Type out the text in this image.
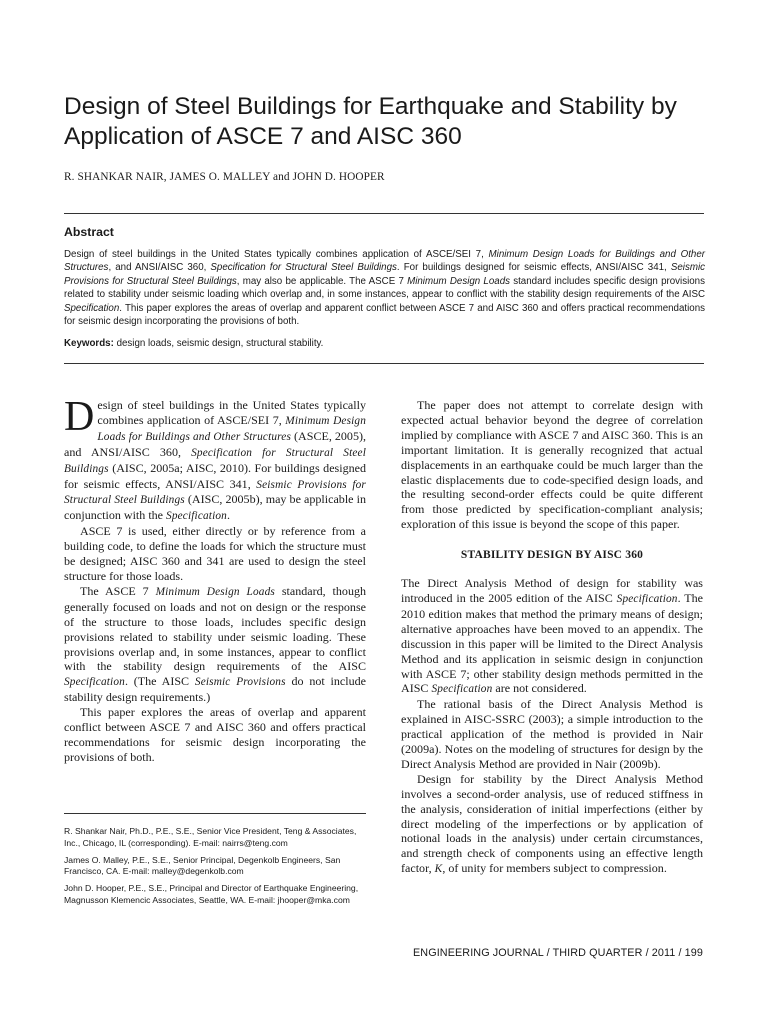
Design of Steel Buildings for Earthquake and Stability by Application of ASCE 7 and AISC 360
R. SHANKAR NAIR, JAMES O. MALLEY and JOHN D. HOOPER
Abstract

Design of steel buildings in the United States typically combines application of ASCE/SEI 7, Minimum Design Loads for Buildings and Other Structures, and ANSI/AISC 360, Specification for Structural Steel Buildings. For buildings designed for seismic effects, ANSI/AISC 341, Seismic Provisions for Structural Steel Buildings, may also be applicable. The ASCE 7 Minimum Design Loads standard includes specific design provisions related to stability under seismic loading which overlap and, in some instances, appear to conflict with the stability design requirements of the AISC Specification. This paper explores the areas of overlap and apparent conflict between ASCE 7 and AISC 360 and offers practical recommendations for seismic design incorporating the provisions of both.

Keywords: design loads, seismic design, structural stability.

Design of steel buildings in the United States typically combines application of ASCE/SEI 7, Minimum Design Loads for Buildings and Other Structures (ASCE, 2005), and ANSI/AISC 360, Specification for Structural Steel Buildings (AISC, 2005a; AISC, 2010). For buildings designed for seismic effects, ANSI/AISC 341, Seismic Provisions for Structural Steel Buildings (AISC, 2005b), may be applicable in conjunction with the Specification.

ASCE 7 is used, either directly or by reference from a building code, to define the loads for which the structure must be designed; AISC 360 and 341 are used to design the steel structure for those loads.

The ASCE 7 Minimum Design Loads standard, though generally focused on loads and not on design or the response of the structure to those loads, includes specific design provisions related to stability under seismic loading. These provisions overlap and, in some instances, appear to conflict with the stability design requirements of the AISC Specification. (The AISC Seismic Provisions do not include stability design requirements.)

This paper explores the areas of overlap and apparent conflict between ASCE 7 and AISC 360 and offers practical recommendations for seismic design incorporating the provisions of both.

The paper does not attempt to correlate design with expected actual behavior beyond the degree of correlation implied by compliance with ASCE 7 and AISC 360. This is an important limitation. It is generally recognized that actual displacements in an earthquake could be much larger than the elastic displacements due to code-specified design loads, and the resulting second-order effects could be quite different from those predicted by specification-compliant analysis; exploration of this issue is beyond the scope of this paper.

STABILITY DESIGN BY AISC 360

The Direct Analysis Method of design for stability was introduced in the 2005 edition of the AISC Specification. The 2010 edition makes that method the primary means of design; alternative approaches have been moved to an appendix. The discussion in this paper will be limited to the Direct Analysis Method and its application in seismic design in conjunction with ASCE 7; other stability design methods permitted in the AISC Specification are not considered.

The rational basis of the Direct Analysis Method is explained in AISC-SSRC (2003); a simple introduction to the practical application of the method is provided in Nair (2009a). Notes on the modeling of structures for design by the Direct Analysis Method are provided in Nair (2009b).

Design for stability by the Direct Analysis Method involves a second-order analysis, use of reduced stiffness in the analysis, consideration of initial imperfections (either by direct modeling of the imperfections or by application of notional loads in the analysis) under certain circumstances, and strength check of components using an effective length factor, K, of unity for members subject to compression.

R. Shankar Nair, Ph.D., P.E., S.E., Senior Vice President, Teng & Associates, Inc., Chicago, IL (corresponding). E-mail: nairrs@teng.com

James O. Malley, P.E., S.E., Senior Principal, Degenkolb Engineers, San Francisco, CA. E-mail: malley@degenkolb.com

John D. Hooper, P.E., S.E., Principal and Director of Earthquake Engineering, Magnusson Klemencic Associates, Seattle, WA. E-mail: jhooper@mka.com

ENGINEERING JOURNAL / THIRD QUARTER / 2011 / 199
